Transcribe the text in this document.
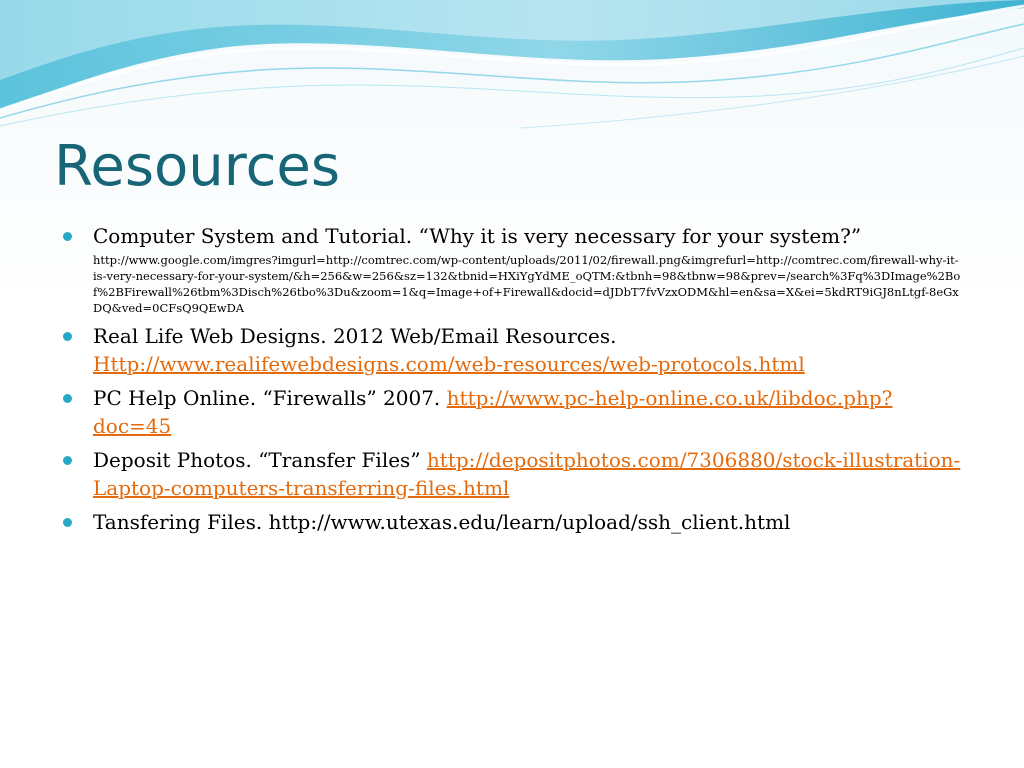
Resources
Computer System and Tutorial. “Why it is very necessary for your system?”
http://www.google.com/imgres?imgurl=http://comtrec.com/wp-content/uploads/2011/02/firewall.png&imgrefurl=http://comtrec.com/firewall-why-it-is-very-necessary-for-your-system/&h=256&w=256&sz=132&tbnid=HXiYgYdME_oQTM:&tbnh=98&tbnw=98&prev=/search%3Fq%3DImage%2Bof%2BFirewall%26tbm%3Disch%26tbo%3Du&zoom=1&q=Image+of+Firewall&docid=dJDbT7fvVzxODM&hl=en&sa=X&ei=5kdRT9iGJ8nLtgf-8eGxDQ&ved=0CFsQ9QEwDA
Real Life Web Designs. 2012 Web/Email Resources.
Http://www.realifewebdesigns.com/web-resources/web-protocols.html
PC Help Online. “Firewalls” 2007. http://www.pc-help-online.co.uk/libdoc.php?doc=45
Deposit Photos. “Transfer Files” http://depositphotos.com/7306880/stock-illustration-Laptop-computers-transferring-files.html
Tansfering Files. http://www.utexas.edu/learn/upload/ssh_client.html
